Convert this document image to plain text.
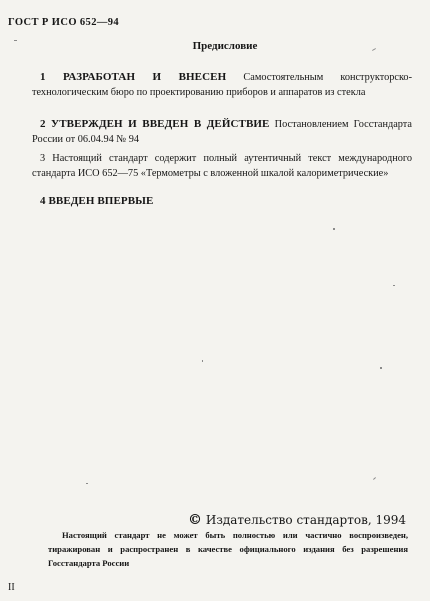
ГОСТ Р ИСО 652—94
Предисловие
1 РАЗРАБОТАН И ВНЕСЕН Самостоятельным конструкторско-технологическим бюро по проектированию приборов и аппаратов из стекла
2 УТВЕРЖДЕН И ВВЕДЕН В ДЕЙСТВИЕ Постановлением Госстандарта России от 06.04.94 № 94
3 Настоящий стандарт содержит полный аутентичный текст международного стандарта ИСО 652—75 «Термометры с вложенной шкалой калориметрические»
4 ВВЕДЕН ВПЕРВЫЕ
© Издательство стандартов, 1994
Настоящий стандарт не может быть полностью или частично воспроизведен, тиражирован и распространен в качестве официального издания без разрешения Госстандарта России
II
